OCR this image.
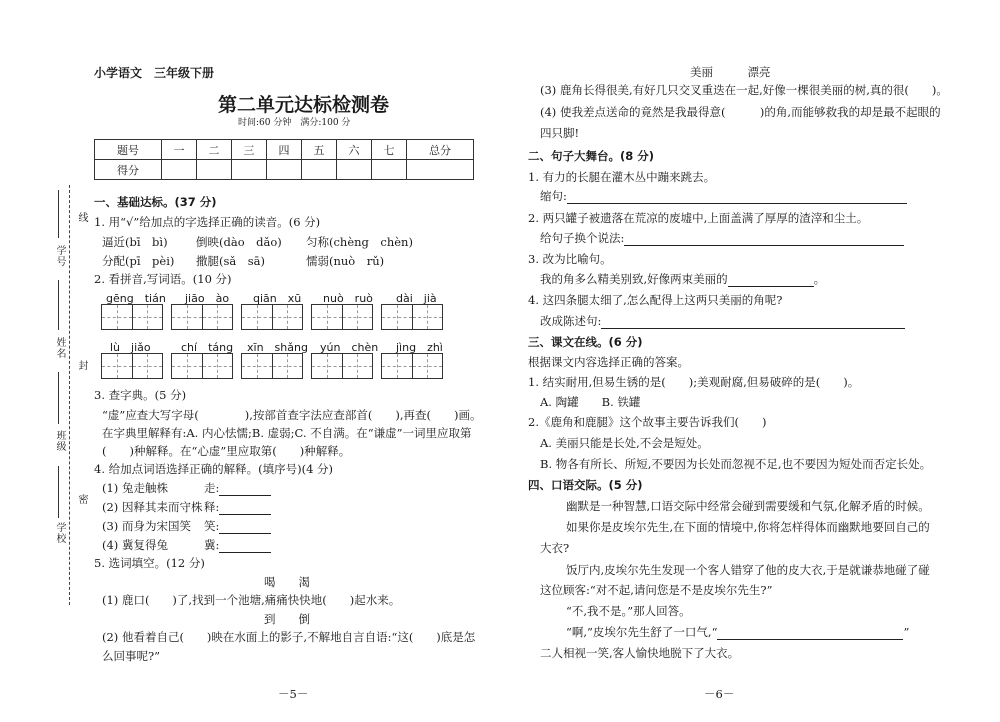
小学语文　三年级下册
第二单元达标检测卷
时间:60 分钟　满分:100 分
题号	一	二	三	四	五	六	七	总分
得分								
线
封
密
学号
姓名
班级
学校
一、基础达标。(37 分)
1. 用“√”给加点的字选择正确的读音。(6 分)
逼近(bī　bì) 倒映(dào　dǎo) 匀称(chèng　chèn)
分配(pī　pèi) 撒腿(sǎ　sā)	懦弱(nuò　rǔ)
2. 看拼音,写词语。(10 分)
gēng　tián jiāo　ào qiān　xū nuò　ruò dài　jià
lù　jiǎo	chí　táng xīn　shǎng yún　chèn jìng　zhì
3. 查字典。(5 分)
“虚”应查大写字母(　　　　),按部首查字法应查部首(　　),再查(　　)画。
在字典里解释有:A. 内心怯懦;B. 虚弱;C. 不自满。在“谦虚”一词里应取第
(　　)种解释。在“心虚”里应取第(　　)种解释。
4. 给加点词语选择正确的解释。(填序号)(4 分)
(1) 兔走触株	走:
(2) 因释其耒而守株 释:
(3) 而身为宋国笑 笑:
(4) 冀复得兔	冀:
5. 选词填空。(12 分)
喝　　渴
(1) 鹿口(　　)了,找到一个池塘,痛痛快快地(　　)起水来。
到　　倒
(2) 他看着自己(　　)映在水面上的影子,不解地自言自语:“这(　　)底是怎
么回事呢?”
－5－
美丽　　　漂亮
(3) 鹿角长得很美,有好几只交叉重迭在一起,好像一棵很美丽的树,真的很(　　)。
(4) 使我差点送命的竟然是我最得意(　　　)的角,而能够救我的却是最不起眼的
四只脚!
二、句子大舞台。(8 分)
1. 有力的长腿在灌木丛中蹦来跳去。
缩句:
2. 两只罐子被遗落在荒凉的废墟中,上面盖满了厚厚的渣滓和尘土。
给句子换个说法:
3. 改为比喻句。
我的角多么精美别致,好像两束美丽的	。
4. 这四条腿太细了,怎么配得上这两只美丽的角呢?
改成陈述句:
三、课文在线。(6 分)
根据课文内容选择正确的答案。
1. 结实耐用,但易生锈的是(　　);美观耐腐,但易破碎的是(　　)。
A. 陶罐　　B. 铁罐
2.《鹿角和鹿腿》这个故事主要告诉我们(　　)
A. 美丽只能是长处,不会是短处。
B. 物各有所长、所短,不要因为长处而忽视不足,也不要因为短处而否定长处。
四、口语交际。(5 分)
幽默是一种智慧,口语交际中经常会碰到需要缓和气氛,化解矛盾的时候。
如果你是皮埃尔先生,在下面的情境中,你将怎样得体而幽默地要回自己的
大衣?
饭厅内,皮埃尔先生发现一个客人错穿了他的皮大衣,于是就谦恭地碰了碰
这位顾客:“对不起,请问您是不是皮埃尔先生?”
“不,我不是。”那人回答。
“啊,”皮埃尔先生舒了一口气,“	”
二人相视一笑,客人愉快地脱下了大衣。
－6－
